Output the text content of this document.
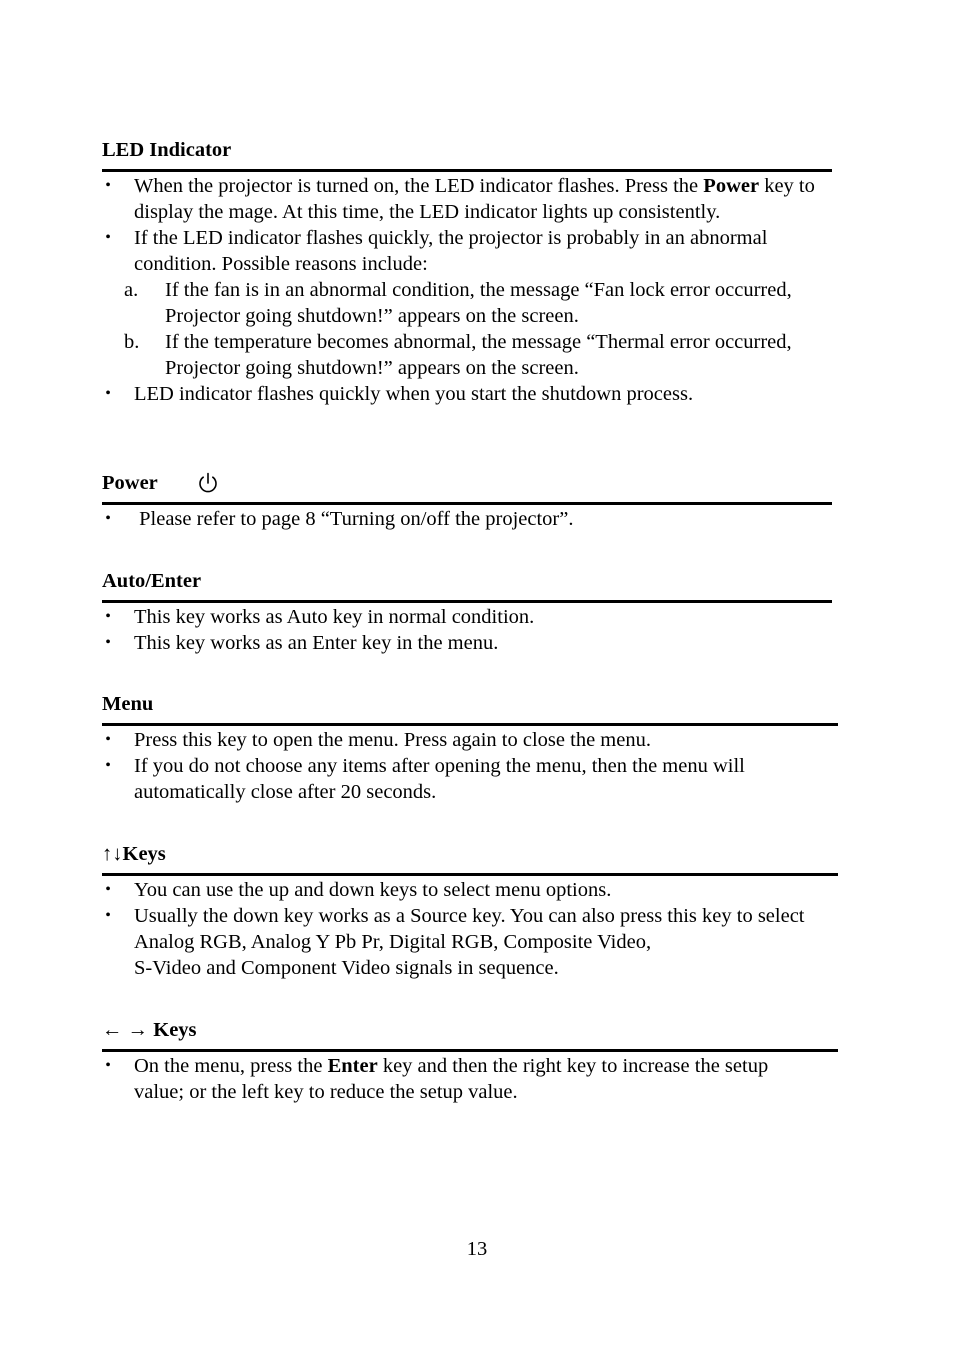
LED Indicator
• When the projector is turned on, the LED indicator flashes. Press the Power key to display the mage. At this time, the LED indicator lights up consistently.
• If the LED indicator flashes quickly, the projector is probably in an abnormal condition. Possible reasons include:
a. If the fan is in an abnormal condition, the message “Fan lock error occurred, Projector going shutdown!” appears on the screen.
b. If the temperature becomes abnormal, the message “Thermal error occurred, Projector going shutdown!” appears on the screen.
• LED indicator flashes quickly when you start the shutdown process.
Power
• Please refer to page 8 “Turning on/off the projector”.
Auto/Enter
• This key works as Auto key in normal condition.
• This key works as an Enter key in the menu.
Menu
• Press this key to open the menu. Press again to close the menu.
• If you do not choose any items after opening the menu, then the menu will automatically close after 20 seconds.
↑↓Keys
• You can use the up and down keys to select menu options.
• Usually the down key works as a Source key. You can also press this key to select Analog RGB, Analog Y Pb Pr, Digital RGB, Composite Video,
S-Video and Component Video signals in sequence.
← → Keys
• On the menu, press the Enter key and then the right key to increase the setup value; or the left key to reduce the setup value.
13
